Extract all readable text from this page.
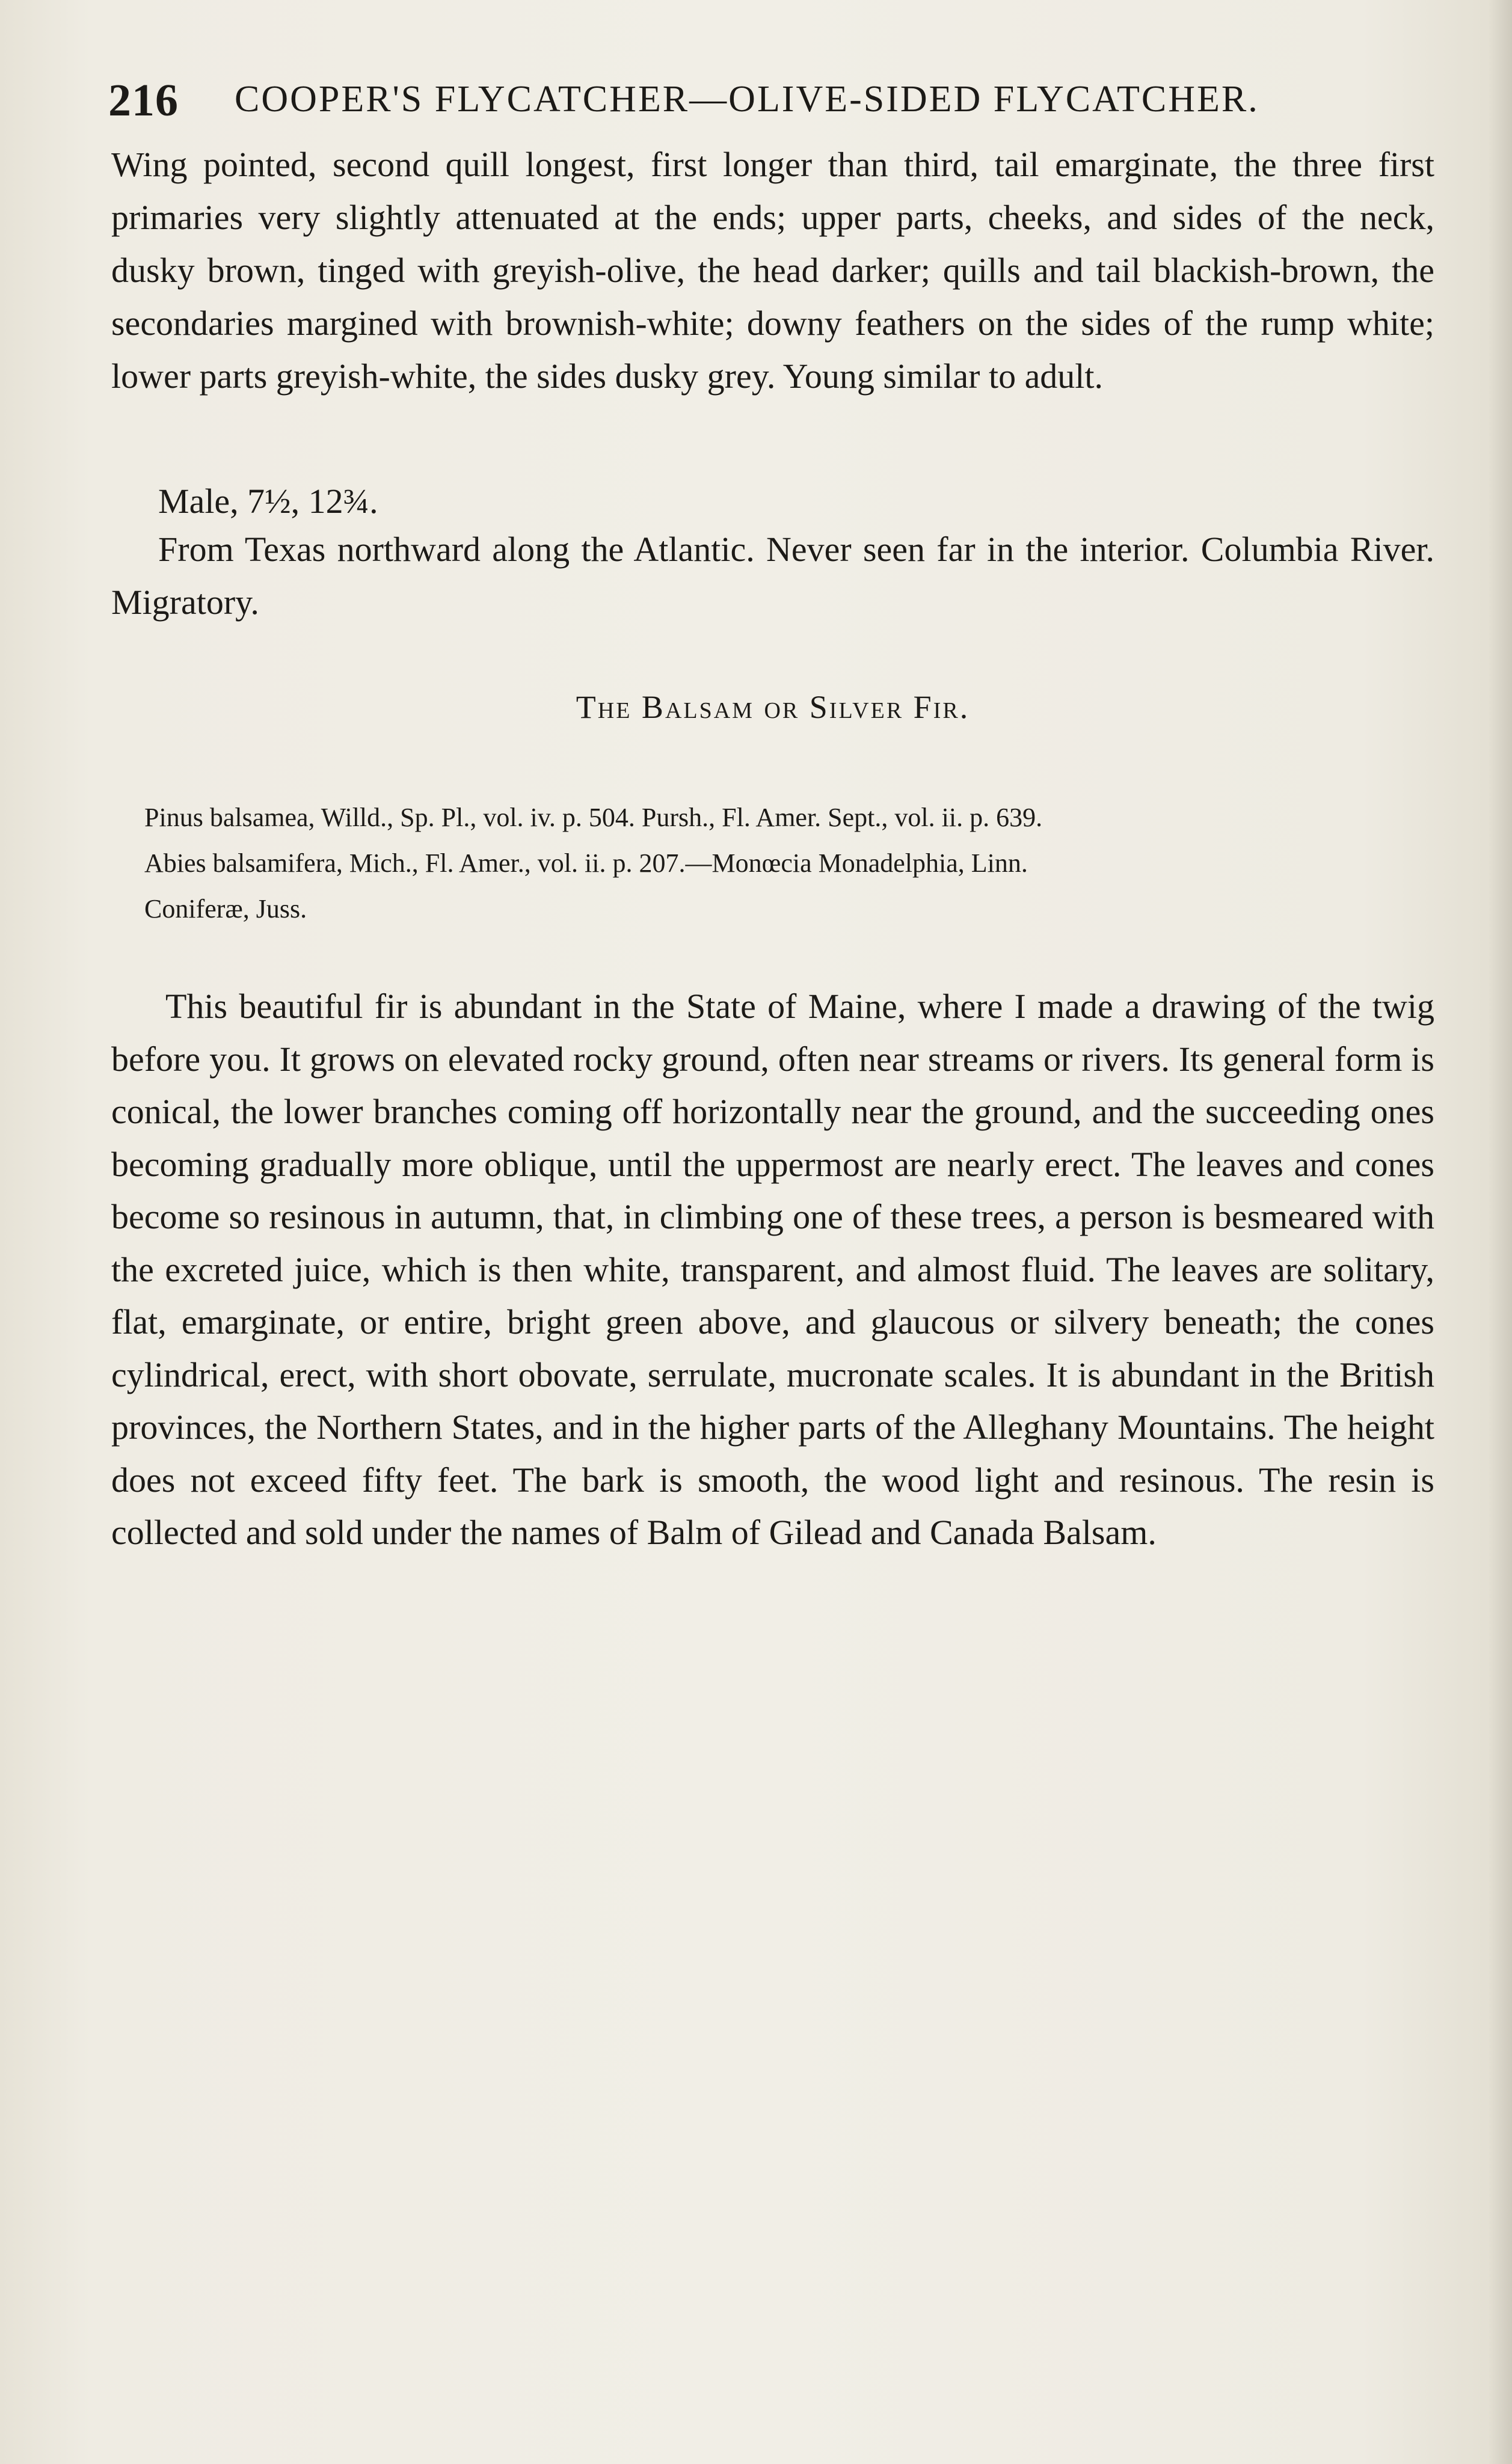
216 COOPER'S FLYCATCHER—OLIVE-SIDED FLYCATCHER.
Wing pointed, second quill longest, first longer than third, tail emarginate, the three first primaries very slightly attenuated at the ends; upper parts, cheeks, and sides of the neck, dusky brown, tinged with greyish-olive, the head darker; quills and tail blackish-brown, the secondaries margined with brownish-white; downy feathers on the sides of the rump white; lower parts greyish-white, the sides dusky grey. Young similar to adult.
Male, 7½, 12¾.
From Texas northward along the Atlantic. Never seen far in the interior. Columbia River. Migratory.
The Balsam or Silver Fir.
Pinus balsamea, Willd., Sp. Pl., vol. iv. p. 504. Pursh., Fl. Amer. Sept., vol. ii. p. 639.
Abies balsamifera, Mich., Fl. Amer., vol. ii. p. 207.—Monœcia Monadelphia, Linn.
Coniferæ, Juss.
This beautiful fir is abundant in the State of Maine, where I made a drawing of the twig before you. It grows on elevated rocky ground, often near streams or rivers. Its general form is conical, the lower branches coming off horizontally near the ground, and the succeeding ones becoming gradually more oblique, until the uppermost are nearly erect. The leaves and cones become so resinous in autumn, that, in climbing one of these trees, a person is besmeared with the excreted juice, which is then white, transparent, and almost fluid. The leaves are solitary, flat, emarginate, or entire, bright green above, and glaucous or silvery beneath; the cones cylindrical, erect, with short obovate, serrulate, mucronate scales. It is abundant in the British provinces, the Northern States, and in the higher parts of the Alleghany Mountains. The height does not exceed fifty feet. The bark is smooth, the wood light and resinous. The resin is collected and sold under the names of Balm of Gilead and Canada Balsam.
